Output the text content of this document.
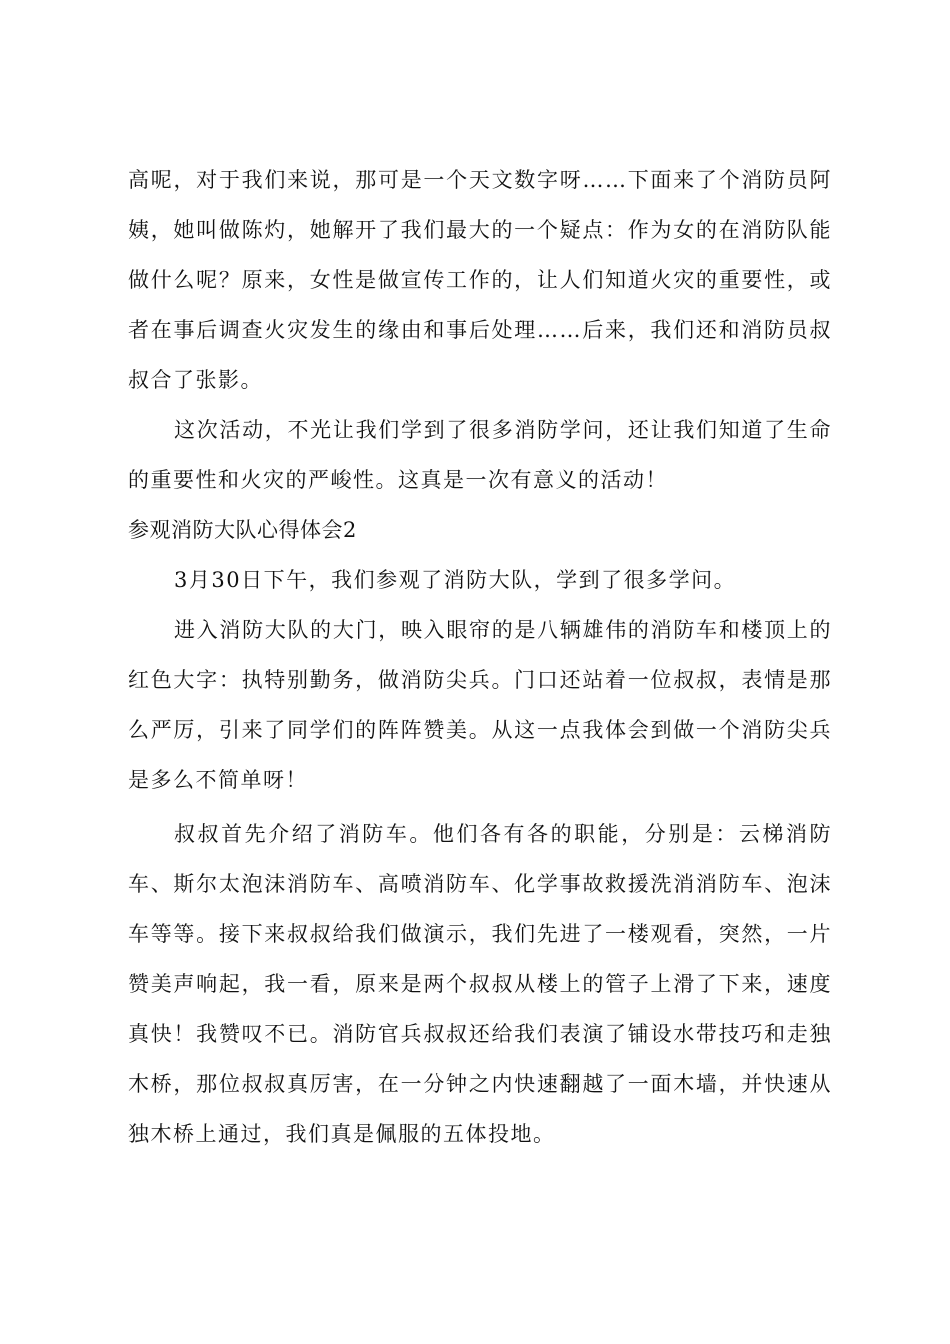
高呢，对于我们来说，那可是一个天文数字呀……下面来了个消防员阿姨，她叫做陈灼，她解开了我们最大的一个疑点：作为女的在消防队能做什么呢？原来，女性是做宣传工作的，让人们知道火灾的重要性，或者在事后调查火灾发生的缘由和事后处理……后来，我们还和消防员叔叔合了张影。

这次活动，不光让我们学到了很多消防学问，还让我们知道了生命的重要性和火灾的严峻性。这真是一次有意义的活动！

参观消防大队心得体会2

3月30日下午，我们参观了消防大队，学到了很多学问。

进入消防大队的大门，映入眼帘的是八辆雄伟的消防车和楼顶上的红色大字：执特别勤务，做消防尖兵。门口还站着一位叔叔，表情是那么严厉，引来了同学们的阵阵赞美。从这一点我体会到做一个消防尖兵是多么不简单呀！

叔叔首先介绍了消防车。他们各有各的职能，分别是：云梯消防车、斯尔太泡沫消防车、高喷消防车、化学事故救援洗消消防车、泡沫车等等。接下来叔叔给我们做演示，我们先进了一楼观看，突然，一片赞美声响起，我一看，原来是两个叔叔从楼上的管子上滑了下来，速度真快！我赞叹不已。消防官兵叔叔还给我们表演了铺设水带技巧和走独木桥，那位叔叔真厉害，在一分钟之内快速翻越了一面木墙，并快速从独木桥上通过，我们真是佩服的五体投地。
